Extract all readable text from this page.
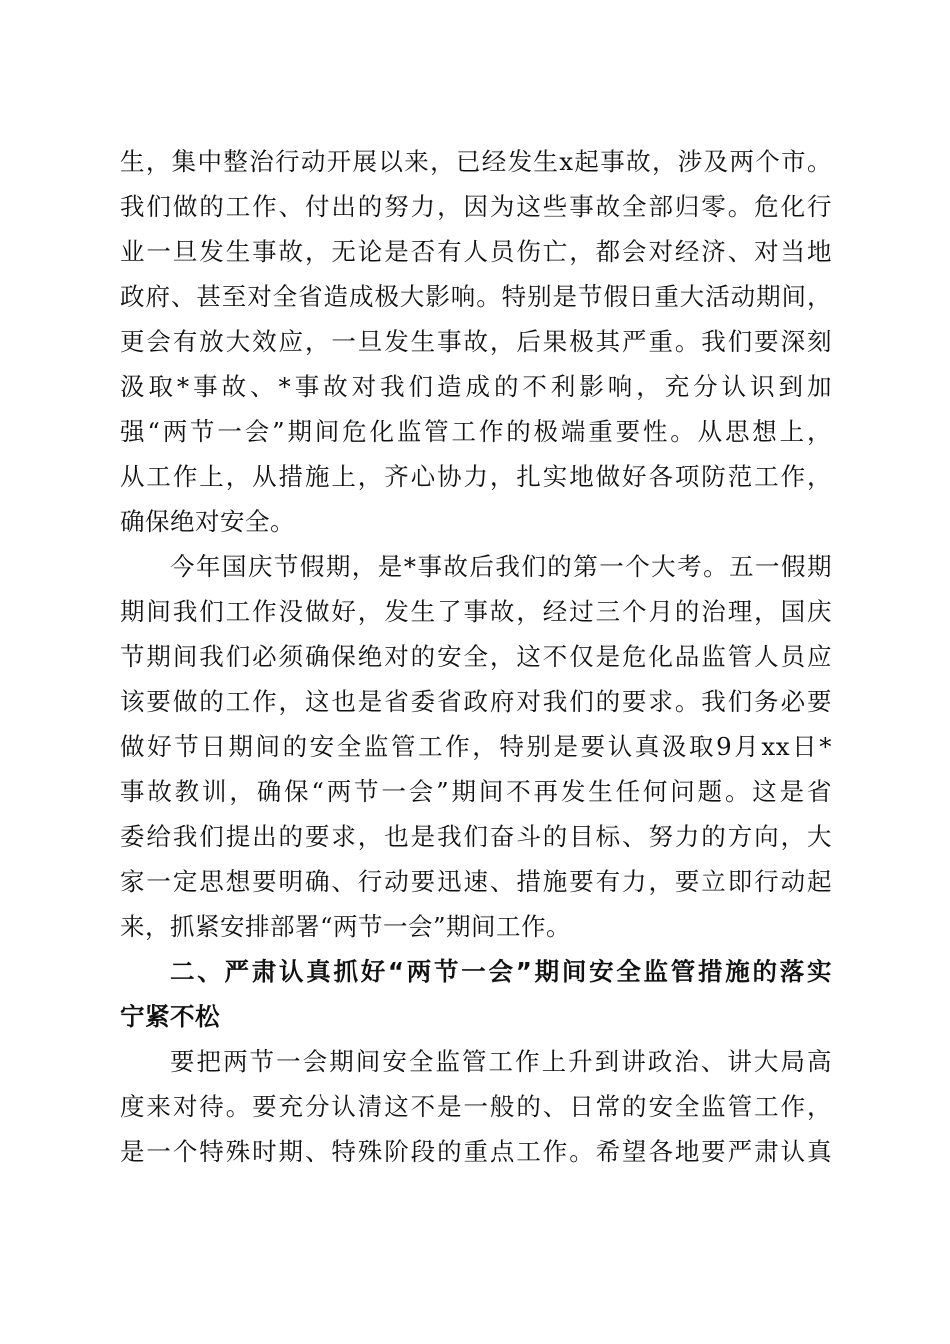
生，集中整治行动开展以来，已经发生x起事故，涉及两个市。
我们做的工作、付出的努力，因为这些事故全部归零。危化行
业一旦发生事故，无论是否有人员伤亡，都会对经济、对当地
政府、甚至对全省造成极大影响。特别是节假日重大活动期间，
更会有放大效应，一旦发生事故，后果极其严重。我们要深刻
汲取*事故、*事故对我们造成的不利影响，充分认识到加
强“两节一会”期间危化监管工作的极端重要性。从思想上，
从工作上，从措施上，齐心协力，扎实地做好各项防范工作，
确保绝对安全。
今年国庆节假期，是*事故后我们的第一个大考。五一假期
期间我们工作没做好，发生了事故，经过三个月的治理，国庆
节期间我们必须确保绝对的安全，这不仅是危化品监管人员应
该要做的工作，这也是省委省政府对我们的要求。我们务必要
做好节日期间的安全监管工作，特别是要认真汲取9月xx日*
事故教训，确保“两节一会”期间不再发生任何问题。这是省
委给我们提出的要求，也是我们奋斗的目标、努力的方向，大
家一定思想要明确、行动要迅速、措施要有力，要立即行动起
来，抓紧安排部署“两节一会”期间工作。
二、严肃认真抓好“两节一会”期间安全监管措施的落实
宁紧不松
要把两节一会期间安全监管工作上升到讲政治、讲大局高
度来对待。要充分认清这不是一般的、日常的安全监管工作，
是一个特殊时期、特殊阶段的重点工作。希望各地要严肃认真
